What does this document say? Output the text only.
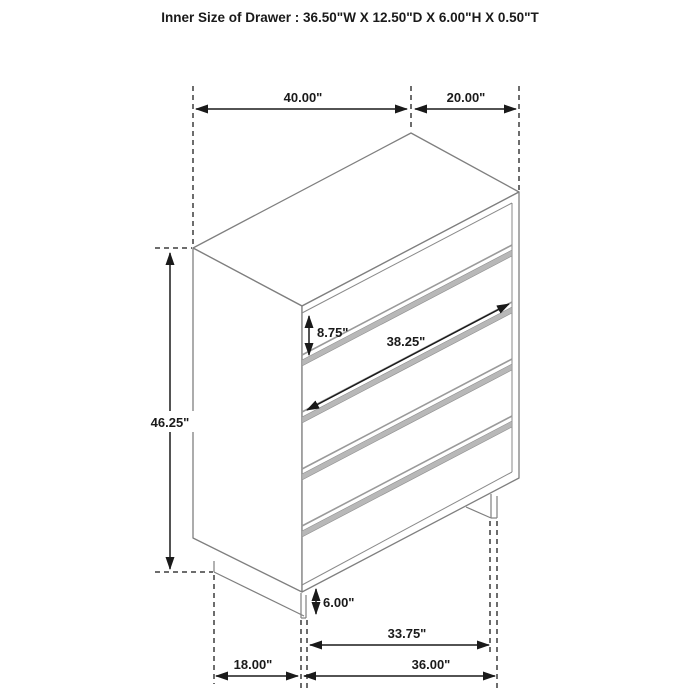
Inner Size of Drawer : 36.50"W X 12.50"D X 6.00"H X 0.50"T
40.00"	20.00"
46.25"
8.75"
38.25"
6.00"
33.75"
36.00"
18.00"
